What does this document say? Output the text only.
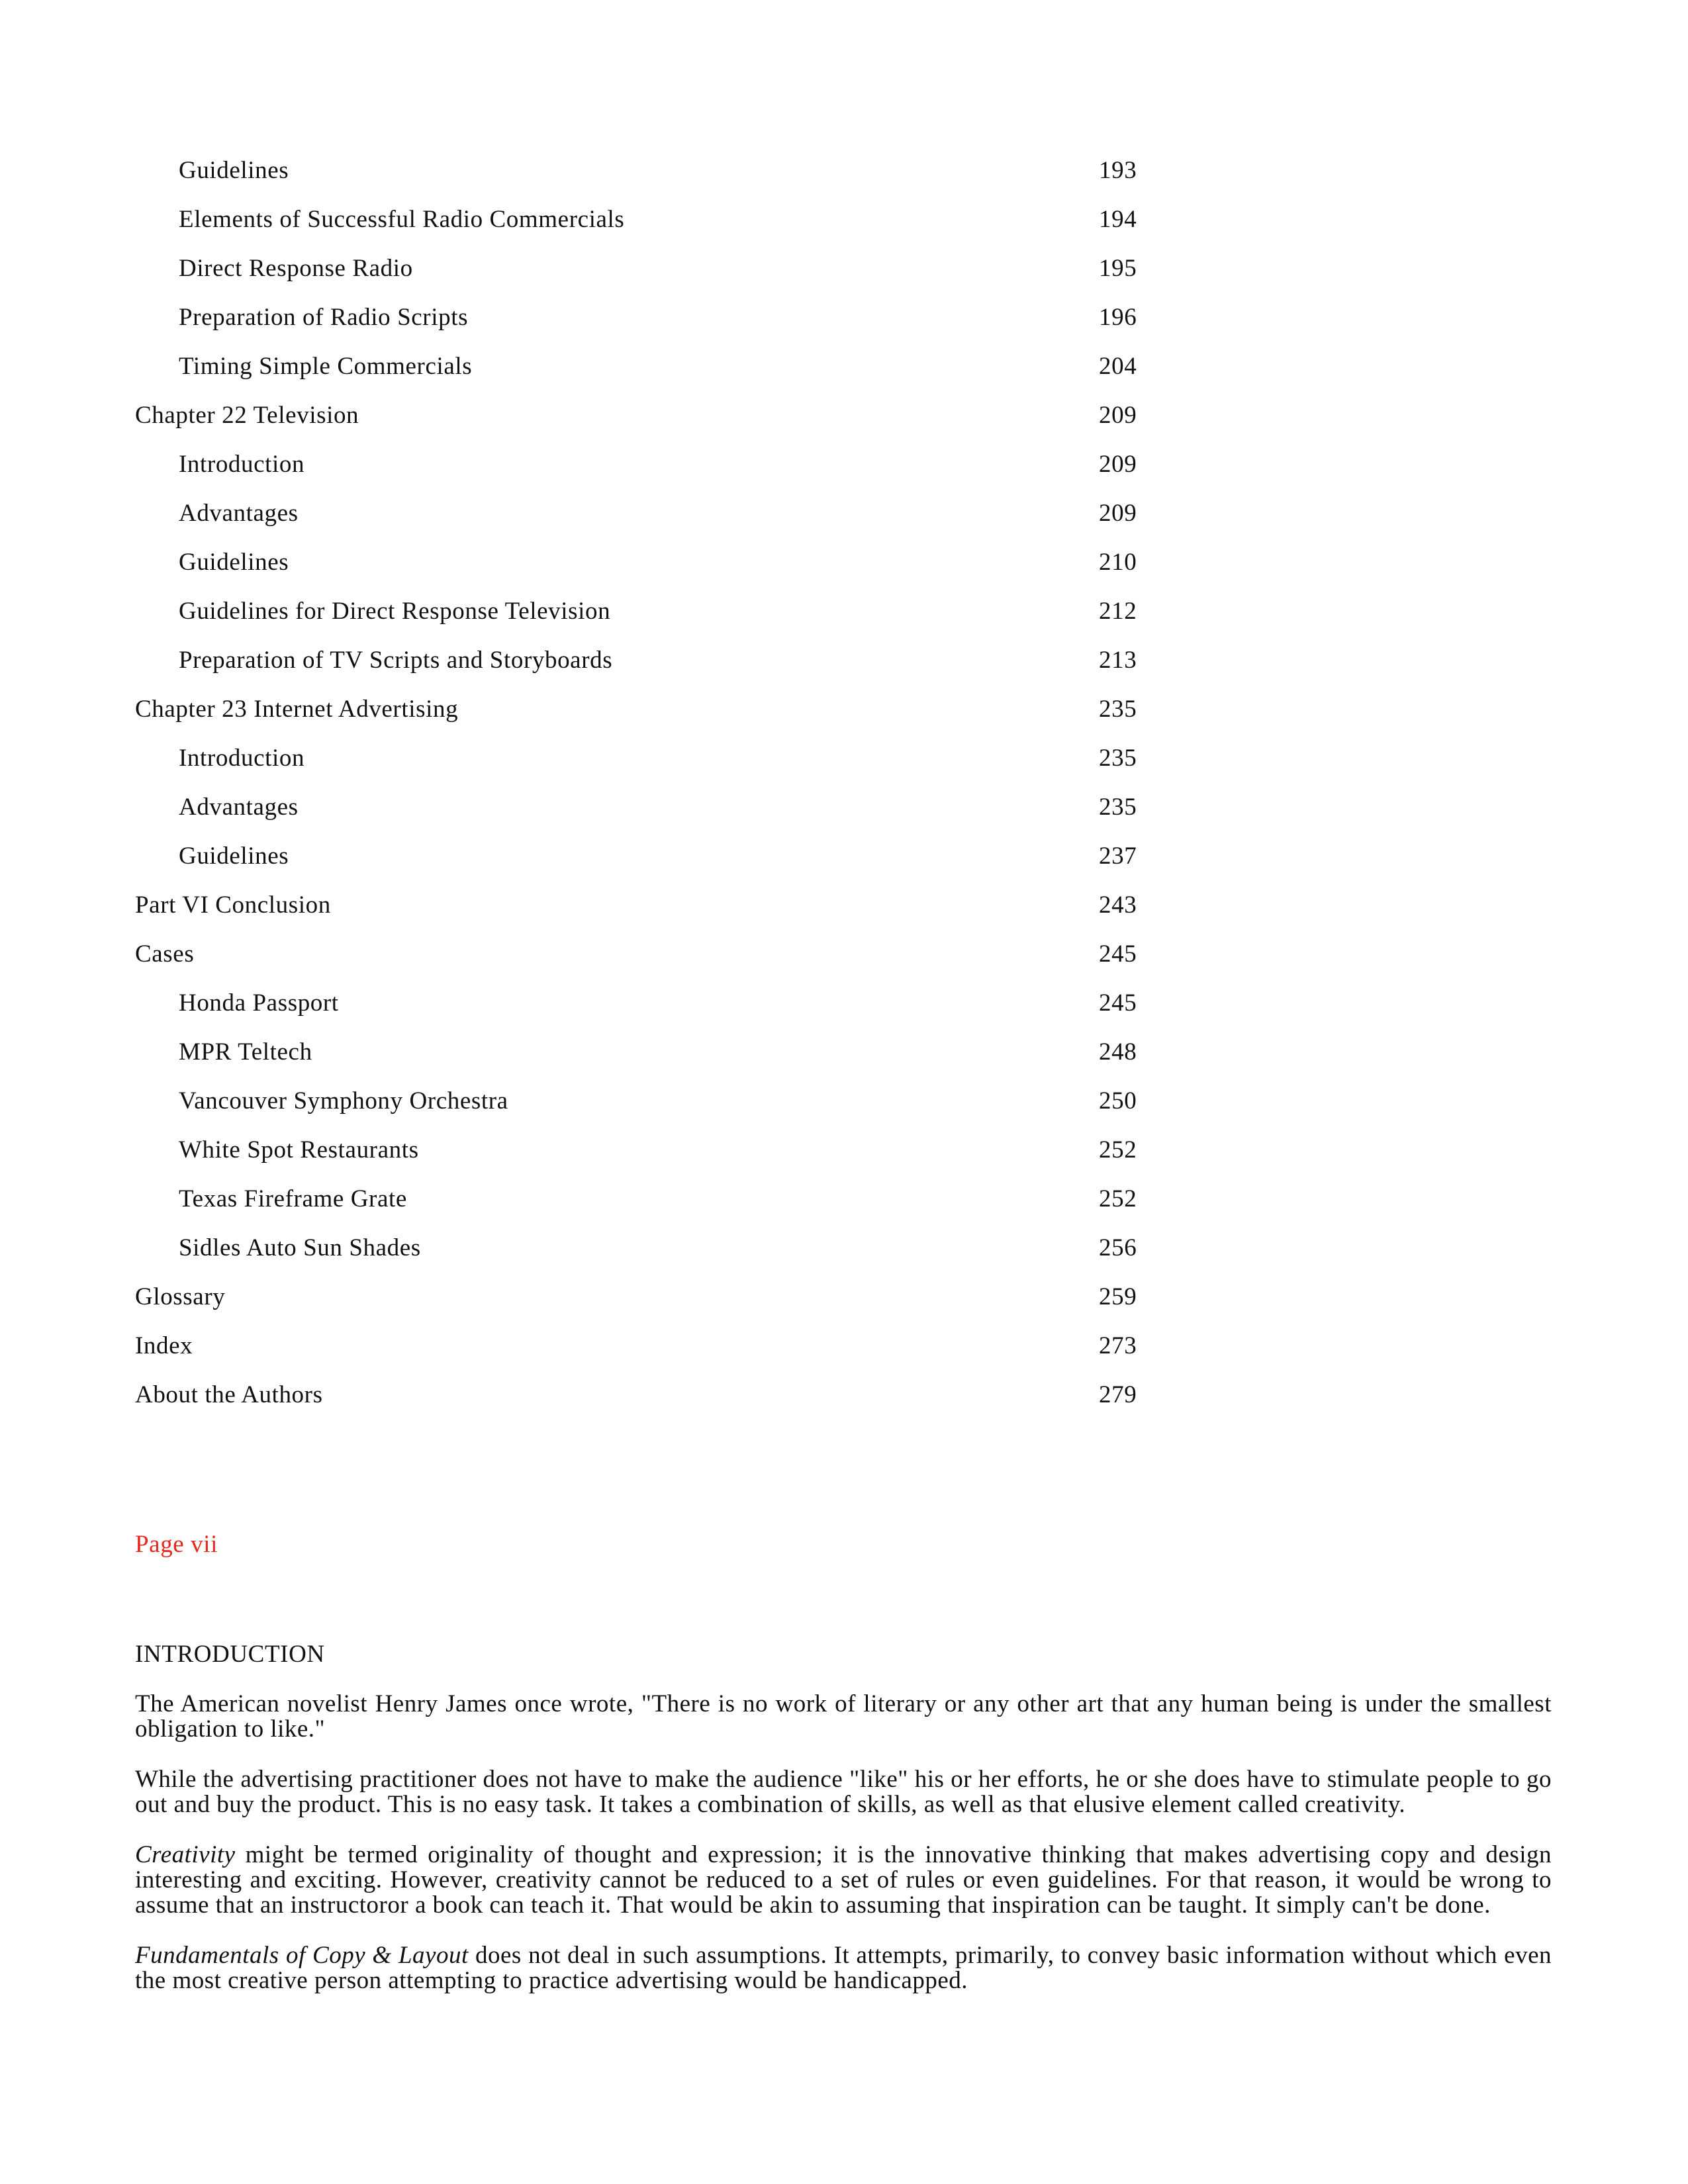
Guidelines	193
Elements of Successful Radio Commercials	194
Direct Response Radio	195
Preparation of Radio Scripts	196
Timing Simple Commercials	204
Chapter 22 Television	209
Introduction	209
Advantages	209
Guidelines	210
Guidelines for Direct Response Television	212
Preparation of TV Scripts and Storyboards	213
Chapter 23 Internet Advertising	235
Introduction	235
Advantages	235
Guidelines	237
Part VI Conclusion	243
Cases	245
Honda Passport	245
MPR Teltech	248
Vancouver Symphony Orchestra	250
White Spot Restaurants	252
Texas Fireframe Grate	252
Sidles Auto Sun Shades	256
Glossary	259
Index	273
About the Authors	279
Page vii
INTRODUCTION

The American novelist Henry James once wrote, "There is no work of literary or any other art that any human being is under the smallest obligation to like."

While the advertising practitioner does not have to make the audience "like" his or her efforts, he or she does have to stimulate people to go out and buy the product. This is no easy task. It takes a combination of skills, as well as that elusive element called creativity.

Creativity might be termed originality of thought and expression; it is the innovative thinking that makes advertising copy and design interesting and exciting. However, creativity cannot be reduced to a set of rules or even guidelines. For that reason, it would be wrong to assume that an instructoror a book can teach it. That would be akin to assuming that inspiration can be taught. It simply can't be done.

Fundamentals of Copy & Layout does not deal in such assumptions. It attempts, primarily, to convey basic information without which even the most creative person attempting to practice advertising would be handicapped.
